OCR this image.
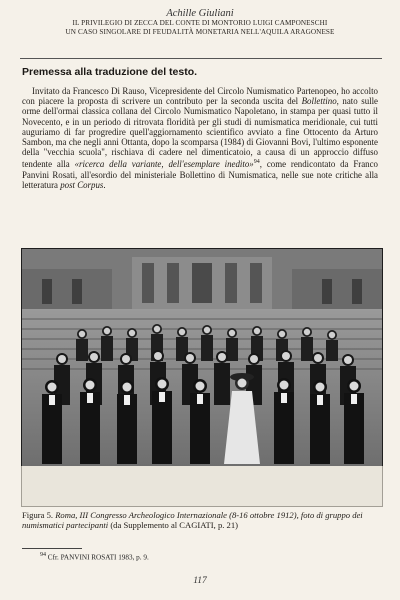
Achille Giuliani
IL PRIVILEGIO DI ZECCA DEL CONTE DI MONTORIO LUIGI CAMPONESCHI
UN CASO SINGOLARE DI FEUDALITÀ MONETARIA NELL'AQUILA ARAGONESE
Premessa alla traduzione del testo.
Invitato da Francesco Di Rauso, Vicepresidente del Circolo Numismatico Partenopeo, ho accolto con piacere la proposta di scrivere un contributo per la seconda uscita del Bollettino, nato sulle orme dell'ormai classica collana del Circolo Numismatico Napoletano, in stampa per quasi tutto il Novecento, e in un periodo di ritrovata floridità per gli studi di numismatica meridionale, cui tutti auguriamo di far progredire quell'aggiornamento scientifico avviato a fine Ottocento da Arturo Sambon, ma che negli anni Ottanta, dopo la scomparsa (1984) di Giovanni Bovi, l'ultimo esponente della "vecchia scuola", rischiava di cadere nel dimenticatoio, a causa di un approccio diffuso tendente alla «ricerca della variante, dell'esemplare inedito»$^{94}$, come rendicontato da Franco Panvini Rosati, all'esordio del ministeriale Bollettino di Numismatica, nelle sue note critiche alla letteratura post Corpus.
Figura 5. Roma, III Congresso Archeologico Internazionale (8-16 ottobre 1912), foto di gruppo dei numismatici partecipanti (da Supplemento al CAGIATI, p. 21)
$^{94}$ Cfr. PANVINI ROSATI 1983, p. 9.
117
